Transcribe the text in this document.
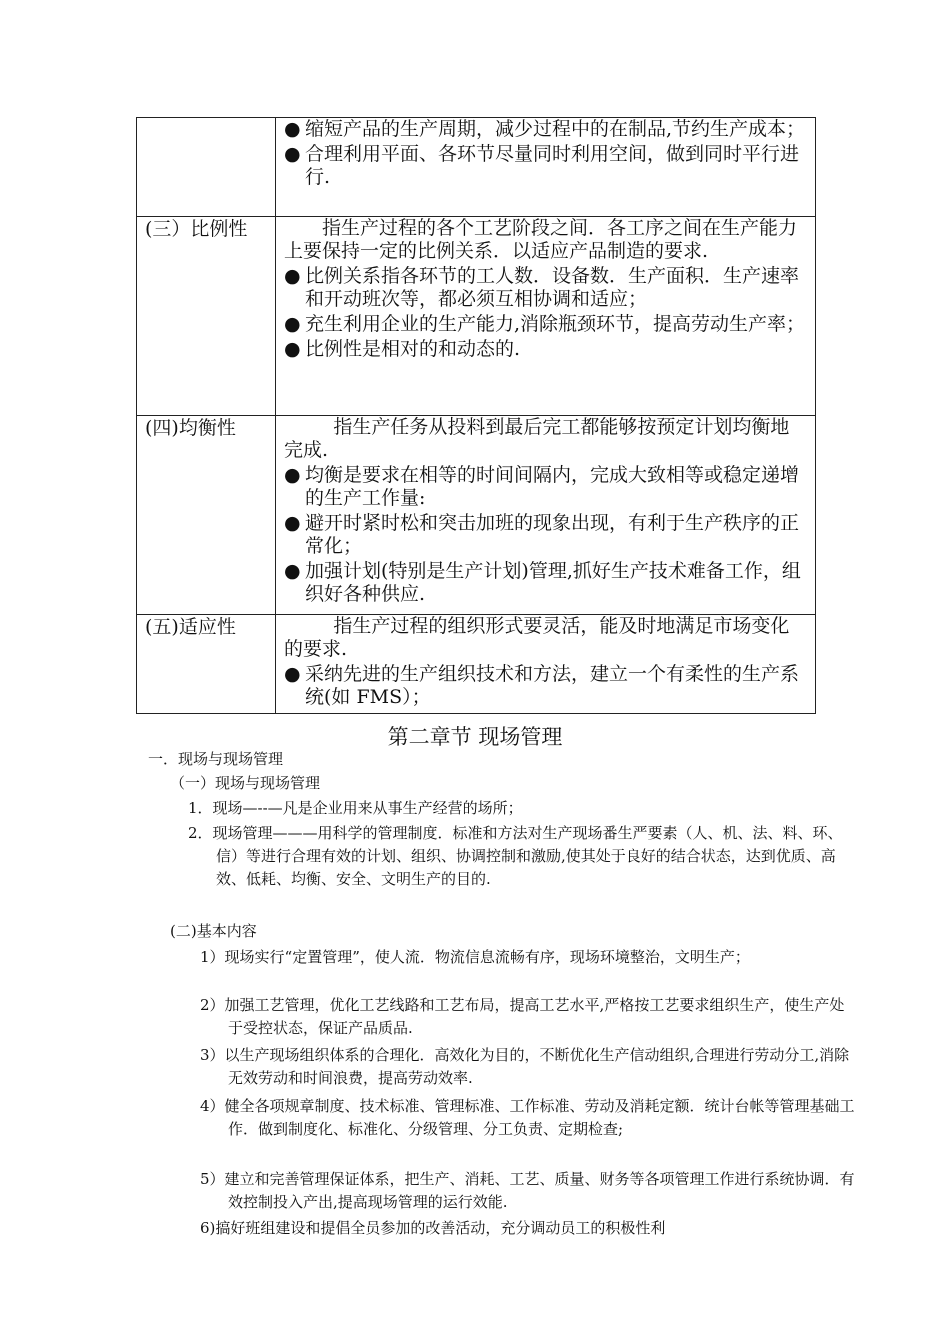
	● 缩短产品的生产周期，减少过程中的在制品,节约生产成本；
● 合理利用平面、各环节尽量同时利用空间，做到同时平行进行.

(三）比例性	指生产过程的各个工艺阶段之间．各工序之间在生产能力上要保持一定的比例关系．以适应产品制造的要求.
● 比例关系指各环节的工人数．设备数．生产面积．生产速率和开动班次等，都必须互相协调和适应；
● 充生利用企业的生产能力,消除瓶颈环节，提高劳动生产率；
● 比例性是相对的和动态的.

(四)均衡性	指生产任务从投料到最后完工都能够按预定计划均衡地完成.
● 均衡是要求在相等的时间间隔内，完成大致相等或稳定递增的生产工作量:
● 避开时紧时松和突击加班的现象出现，有利于生产秩序的正常化；
● 加强计划(特别是生产计划)管理,抓好生产技术难备工作，组织好各种供应.

(五)适应性	指生产过程的组织形式要灵活，能及时地满足市场变化的要求.
● 采纳先进的生产组织技术和方法，建立一个有柔性的生产系统(如 FMS）；
第二章节 现场管理
一．现场与现场管理
（一）现场与现场管理
1．现场—--—凡是企业用来从事生产经营的场所；
2．现场管理———用科学的管理制度．标准和方法对生产现场番生严要素（人、机、法、料、环、信）等进行合理有效的计划、组织、协调控制和激励,使其处于良好的结合状态，达到优质、高效、低耗、均衡、安全、文明生产的目的.
(二)基本内容
1）现场实行“定置管理”，使人流．物流信息流畅有序，现场环境整治，文明生产；
2）加强工艺管理，优化工艺线路和工艺布局，提高工艺水平,严格按工艺要求组织生产，使生产处于受控状态，保证产品质品.
3）以生产现场组织体系的合理化．高效化为目的，不断优化生产信动组织,合理进行劳动分工,消除无效劳动和时间浪费，提高劳动效率.
4）健全各项规章制度、技术标准、管理标准、工作标准、劳动及消耗定额．统计台帐等管理基础工作．做到制度化、标准化、分级管理、分工负责、定期检查;
5）建立和完善管理保证体系，把生产、消耗、工艺、质量、财务等各项管理工作进行系统协调．有效控制投入产出,提高现场管理的运行效能.
6)搞好班组建设和提倡全员参加的改善活动，充分调动员工的积极性利
